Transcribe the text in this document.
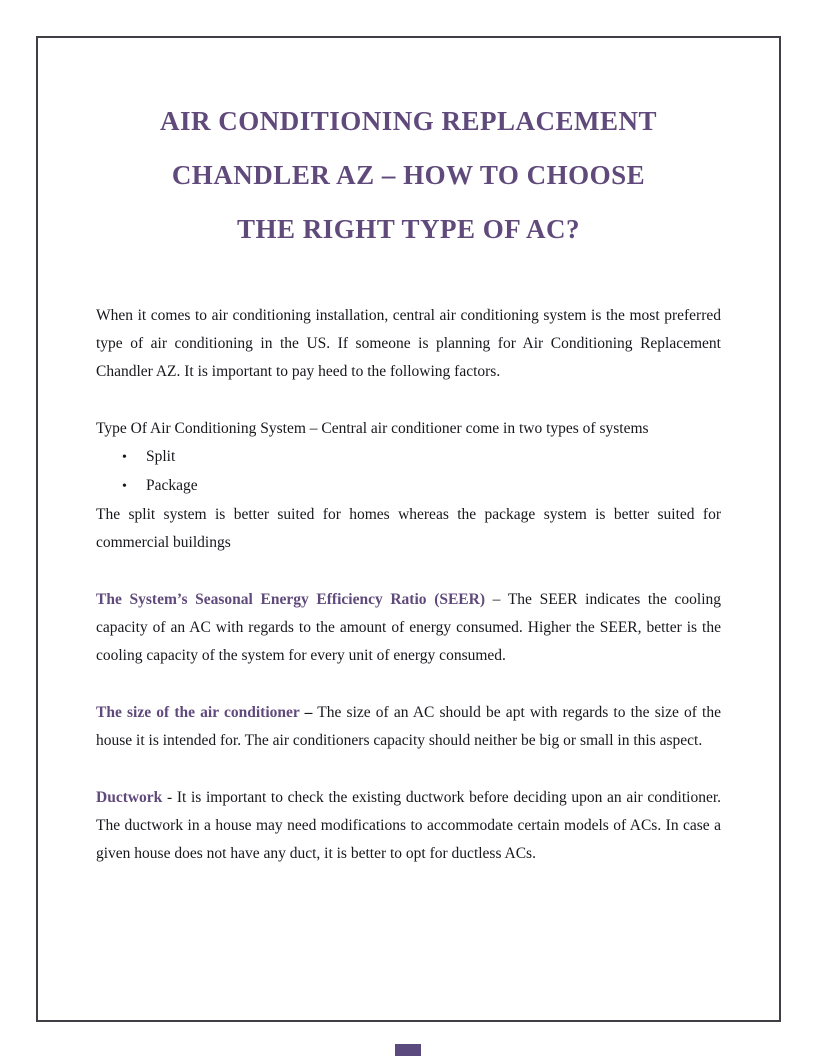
AIR CONDITIONING REPLACEMENT
CHANDLER AZ – HOW TO CHOOSE
THE RIGHT TYPE OF AC?

When it comes to air conditioning installation, central air conditioning system is the most preferred type of air conditioning in the US. If someone is planning for Air Conditioning Replacement Chandler AZ. It is important to pay heed to the following factors.

Type Of Air Conditioning System – Central air conditioner come in two types of systems

• Split
• Package

The split system is better suited for homes whereas the package system is better suited for commercial buildings

The System’s Seasonal Energy Efficiency Ratio (SEER) – The SEER indicates the cooling capacity of an AC with regards to the amount of energy consumed. Higher the SEER, better is the cooling capacity of the system for every unit of energy consumed.

The size of the air conditioner – The size of an AC should be apt with regards to the size of the house it is intended for. The air conditioners capacity should neither be big or small in this aspect.

Ductwork - It is important to check the existing ductwork before deciding upon an air conditioner. The ductwork in a house may need modifications to accommodate certain models of ACs. In case a given house does not have any duct, it is better to opt for ductless ACs.
